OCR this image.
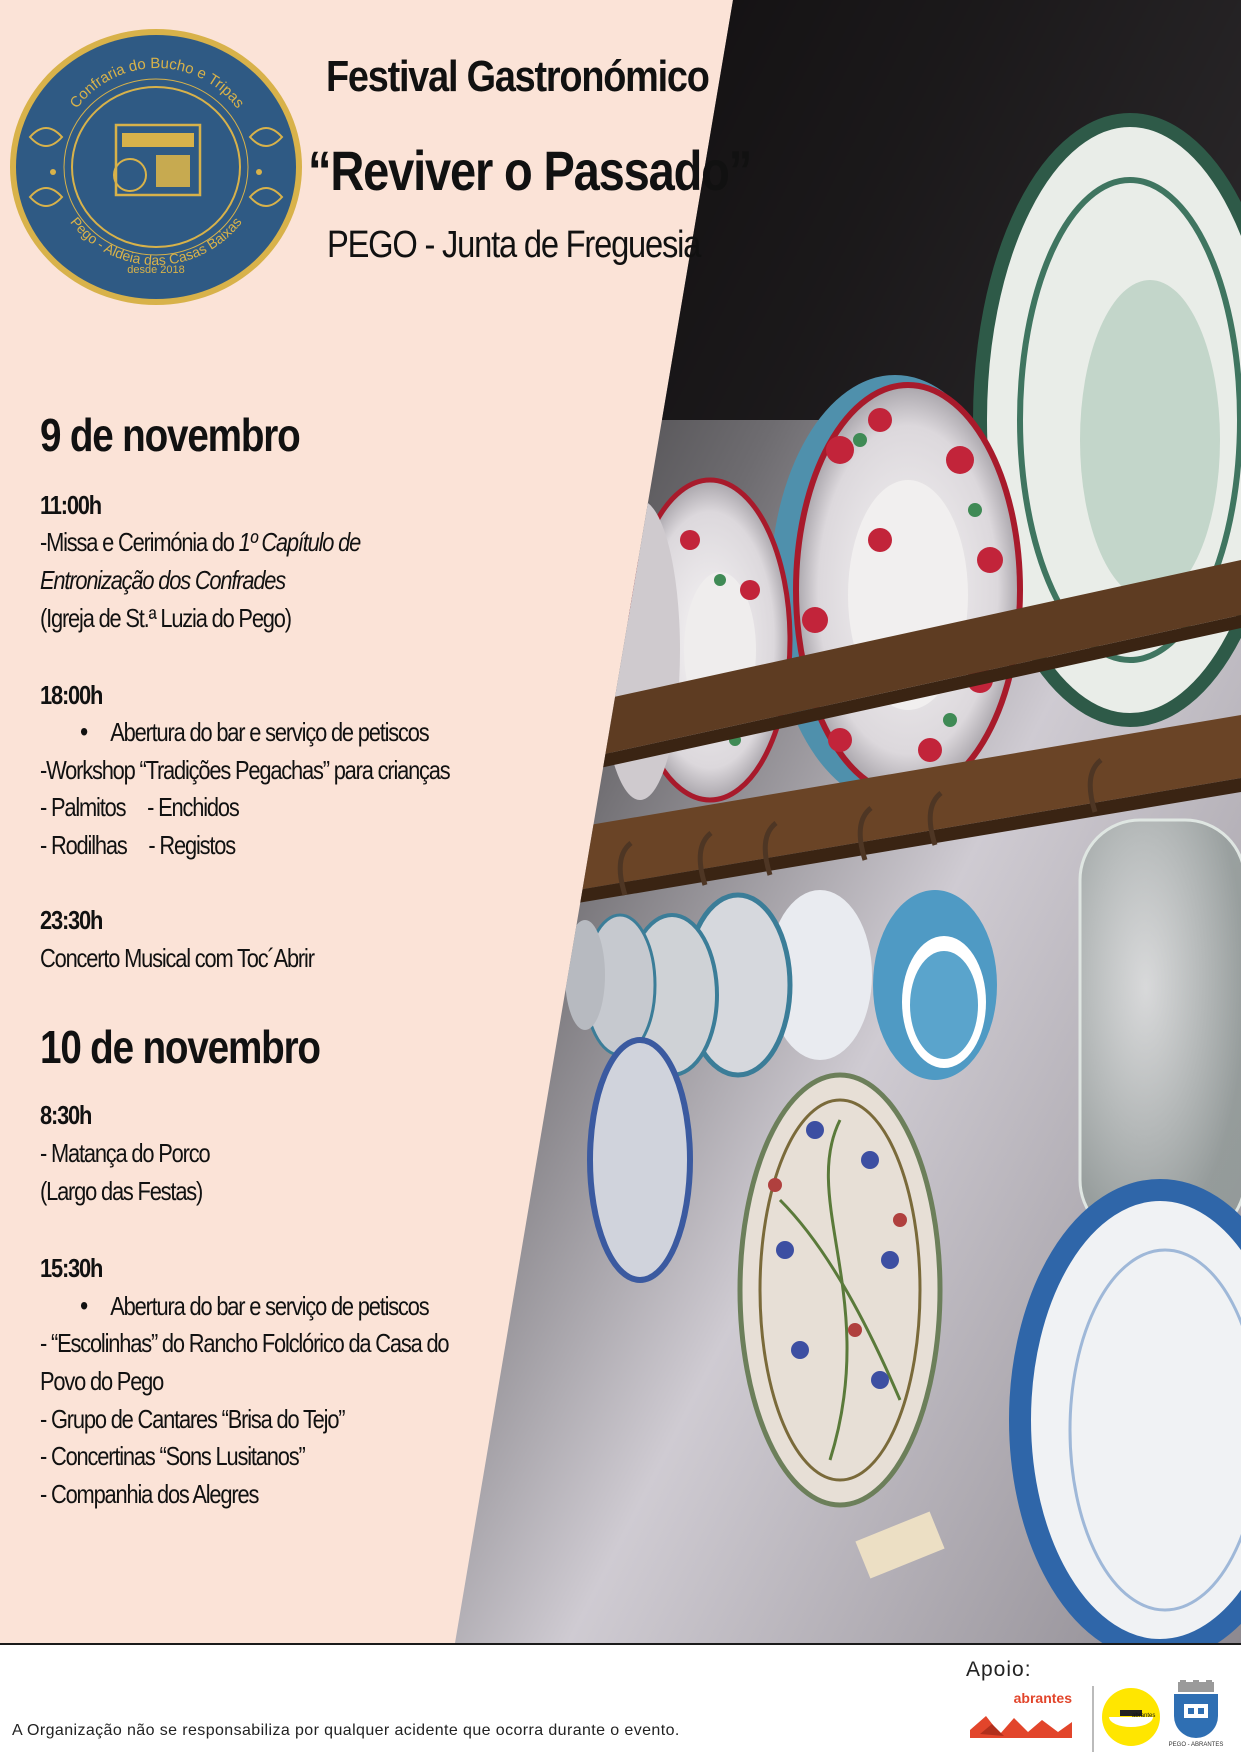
Confraria do Bucho e Tripas
Pego - Aldeia das Casas Baixas
desde 2018
Festival Gastronómico
“Reviver o Passado”
PEGO - Junta de Freguesia
9 de novembro
11:00h
-Missa e Cerimónia do 1º Capítulo de
Entronização dos Confrades
(Igreja de St.ª Luzia do Pego)
18:00h
• Abertura do bar e serviço de petiscos
-Workshop “Tradições Pegachas” para crianças
- Palmitos - Enchidos
- Rodilhas - Registos
23:30h
Concerto Musical com Toc´Abrir
10 de novembro
8:30h
- Matança do Porco
(Largo das Festas)
15:30h
• Abertura do bar e serviço de petiscos
- “Escolinhas” do Rancho Folclórico da Casa do
Povo do Pego
- Grupo de Cantares “Brisa do Tejo”
- Concertinas “Sons Lusitanos”
- Companhia dos Alegres
A Organização não se responsabiliza por qualquer acidente que ocorra durante o evento.
Apoio:
abrantes
abrantes
PEGO - ABRANTES
